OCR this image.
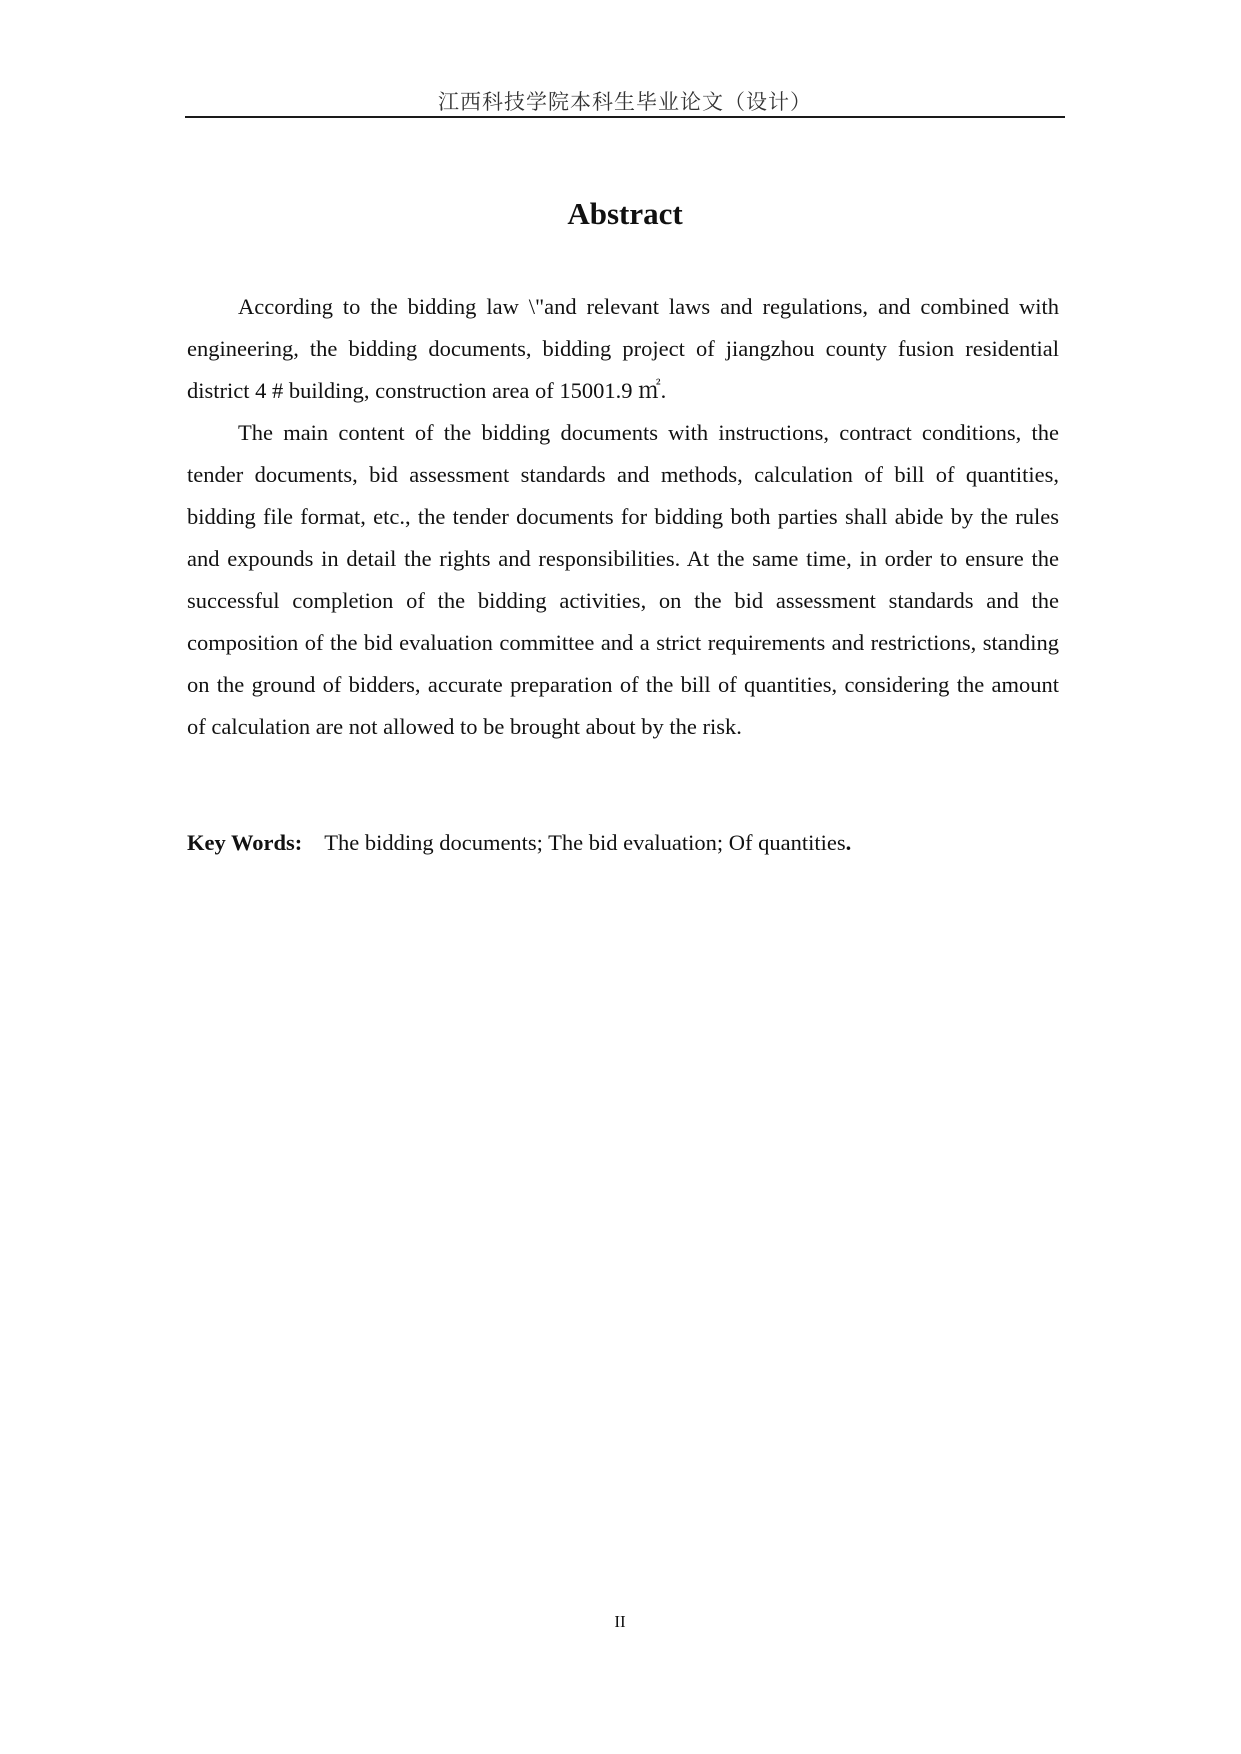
江西科技学院本科生毕业论文（设计）
Abstract

According to the bidding law \"and relevant laws and regulations, and combined with engineering, the bidding documents, bidding project of jiangzhou county fusion residential district 4 # building, construction area of 15001.9 ㎡.

The main content of the bidding documents with instructions, contract conditions, the tender documents, bid assessment standards and methods, calculation of bill of quantities, bidding file format, etc., the tender documents for bidding both parties shall abide by the rules and expounds in detail the rights and responsibilities. At the same time, in order to ensure the successful completion of the bidding activities, on the bid assessment standards and the composition of the bid evaluation committee and a strict requirements and restrictions, standing on the ground of bidders, accurate preparation of the bill of quantities, considering the amount of calculation are not allowed to be brought about by the risk.

Key Words: The bidding documents; The bid evaluation; Of quantities.
II
